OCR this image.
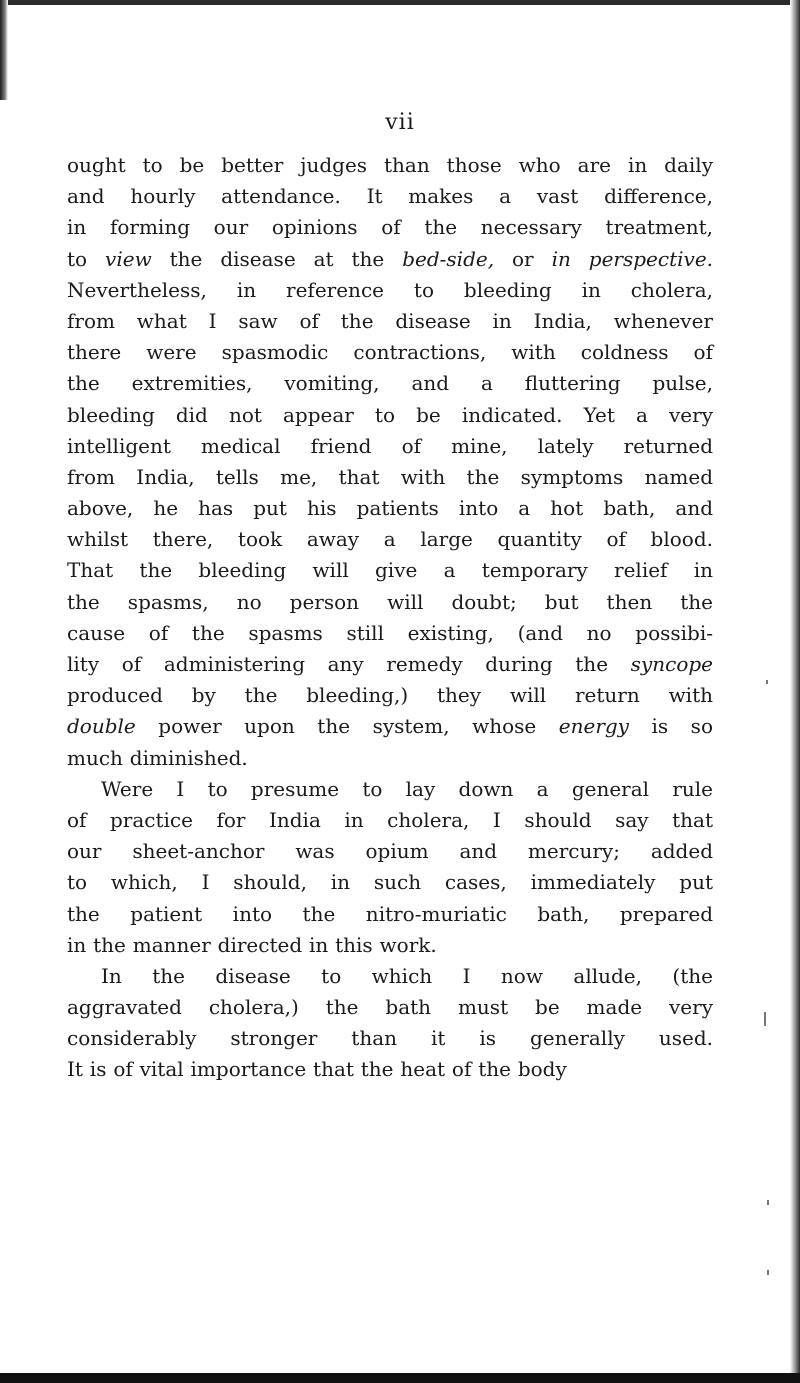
vii
ought to be better judges than those who are in daily
and hourly attendance. It makes a vast difference,
in forming our opinions of the necessary treatment,
to view the disease at the bed-side, or in perspective.
Nevertheless, in reference to bleeding in cholera,
from what I saw of the disease in India, whenever
there were spasmodic contractions, with coldness of
the extremities, vomiting, and a fluttering pulse,
bleeding did not appear to be indicated. Yet a very
intelligent medical friend of mine, lately returned
from India, tells me, that with the symptoms named
above, he has put his patients into a hot bath, and
whilst there, took away a large quantity of blood.
That the bleeding will give a temporary relief in
the spasms, no person will doubt; but then the
cause of the spasms still existing, (and no possibi-
lity of administering any remedy during the syncope
produced by the bleeding,) they will return with
double power upon the system, whose energy is so
much diminished.
Were I to presume to lay down a general rule
of practice for India in cholera, I should say that
our sheet-anchor was opium and mercury; added
to which, I should, in such cases, immediately put
the patient into the nitro-muriatic bath, prepared
in the manner directed in this work.
In the disease to which I now allude, (the
aggravated cholera,) the bath must be made very
considerably stronger than it is generally used.
It is of vital importance that the heat of the body
